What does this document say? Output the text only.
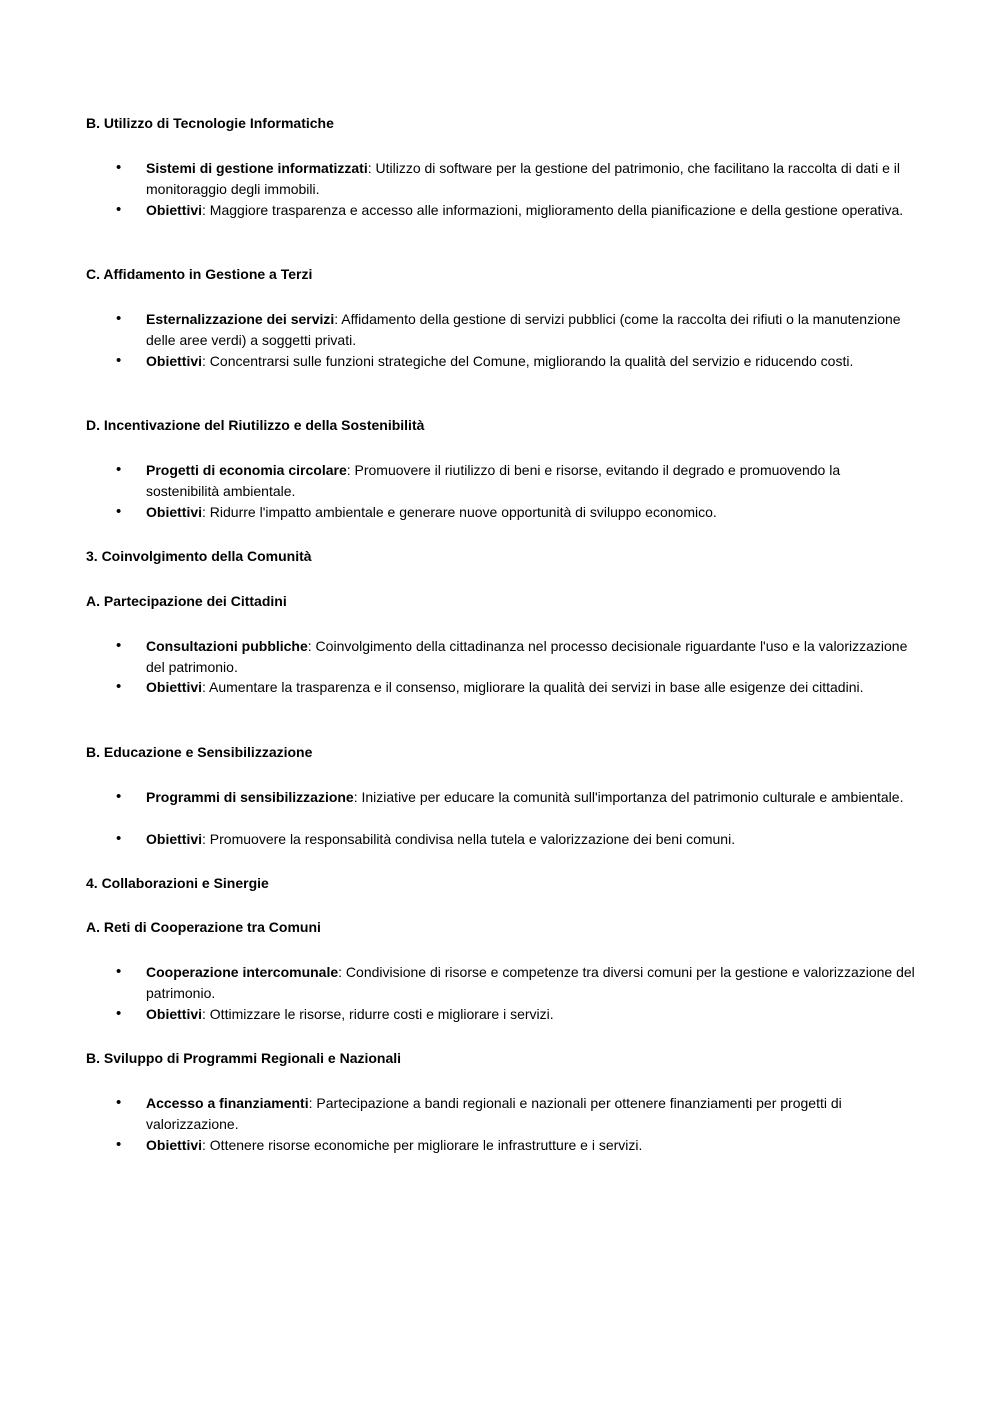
B. Utilizzo di Tecnologie Informatiche
• Sistemi di gestione informatizzati: Utilizzo di software per la gestione del patrimonio, che facilitano la raccolta di dati e il monitoraggio degli immobili.
• Obiettivi: Maggiore trasparenza e accesso alle informazioni, miglioramento della pianificazione e della gestione operativa.
C. Affidamento in Gestione a Terzi
• Esternalizzazione dei servizi: Affidamento della gestione di servizi pubblici (come la raccolta dei rifiuti o la manutenzione delle aree verdi) a soggetti privati.
• Obiettivi: Concentrarsi sulle funzioni strategiche del Comune, migliorando la qualità del servizio e riducendo costi.
D. Incentivazione del Riutilizzo e della Sostenibilità
• Progetti di economia circolare: Promuovere il riutilizzo di beni e risorse, evitando il degrado e promuovendo la sostenibilità ambientale.
• Obiettivi: Ridurre l'impatto ambientale e generare nuove opportunità di sviluppo economico.
3. Coinvolgimento della Comunità
A. Partecipazione dei Cittadini
• Consultazioni pubbliche: Coinvolgimento della cittadinanza nel processo decisionale riguardante l'uso e la valorizzazione del patrimonio.
• Obiettivi: Aumentare la trasparenza e il consenso, migliorare la qualità dei servizi in base alle esigenze dei cittadini.
B. Educazione e Sensibilizzazione
• Programmi di sensibilizzazione: Iniziative per educare la comunità sull'importanza del patrimonio culturale e ambientale.
• Obiettivi: Promuovere la responsabilità condivisa nella tutela e valorizzazione dei beni comuni.
4. Collaborazioni e Sinergie
A. Reti di Cooperazione tra Comuni
• Cooperazione intercomunale: Condivisione di risorse e competenze tra diversi comuni per la gestione e valorizzazione del patrimonio.
• Obiettivi: Ottimizzare le risorse, ridurre costi e migliorare i servizi.
B. Sviluppo di Programmi Regionali e Nazionali
• Accesso a finanziamenti: Partecipazione a bandi regionali e nazionali per ottenere finanziamenti per progetti di valorizzazione.
• Obiettivi: Ottenere risorse economiche per migliorare le infrastrutture e i servizi.
